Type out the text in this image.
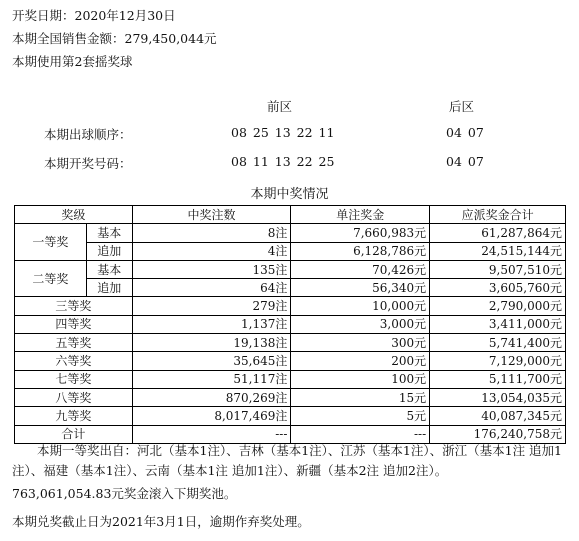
开奖日期：2020年12月30日
本期全国销售金额：279,450,044元
本期使用第2套摇奖球
前区	后区
本期出球顺序：	08 25 13 22 11	04 07
本期开奖号码：	08 11 13 22 25	04 07
本期中奖情况
奖级		中奖注数	单注奖金	应派奖金合计
一等奖	基本	8注	7,660,983元	61,287,864元
	追加	4注	6,128,786元	24,515,144元
二等奖	基本	135注	70,426元	9,507,510元
	追加	64注	56,340元	3,605,760元
三等奖		279注	10,000元	2,790,000元
四等奖		1,137注	3,000元	3,411,000元
五等奖		19,138注	300元	5,741,400元
六等奖		35,645注	200元	7,129,000元
七等奖		51,117注	100元	5,111,700元
八等奖		870,269注	15元	13,054,035元
九等奖		8,017,469注	5元	40,087,345元
合计		---	---	176,240,758元
本期一等奖出自：河北（基本1注）、吉林（基本1注）、江苏（基本1注）、浙江（基本1注 追加1注）、福建（基本1注）、云南（基本1注 追加1注）、新疆（基本2注 追加2注）。
763,061,054.83元奖金滚入下期奖池。
本期兑奖截止日为2021年3月1日，逾期作弃奖处理。
